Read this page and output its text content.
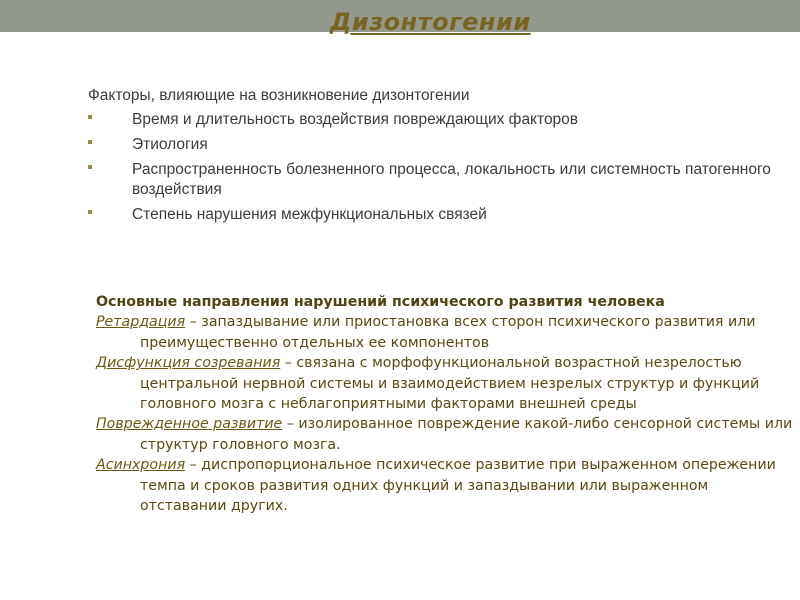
Дизонтогении

Факторы, влияющие на возникновение дизонтогении

Время и длительность воздействия повреждающих факторов
Этиология
Распространенность болезненного процесса, локальность или системность патогенного воздействия
Степень нарушения межфункциональных связей

Основные направления нарушений психического развития человека

Ретардация – запаздывание или приостановка всех сторон психического развития или преимущественно отдельных ее компонентов

Дисфункция созревания – связана с морфофункциональной возрастной незрелостью центральной нервной системы и взаимодействием незрелых структур и функций головного мозга с неблагоприятными факторами внешней среды

Поврежденное развитие – изолированное повреждение какой-либо сенсорной системы или структур головного мозга.

Асинхрония – диспропорциональное психическое развитие при выраженном опережении темпа и сроков развития одних функций и запаздывании или выраженном отставании других.
